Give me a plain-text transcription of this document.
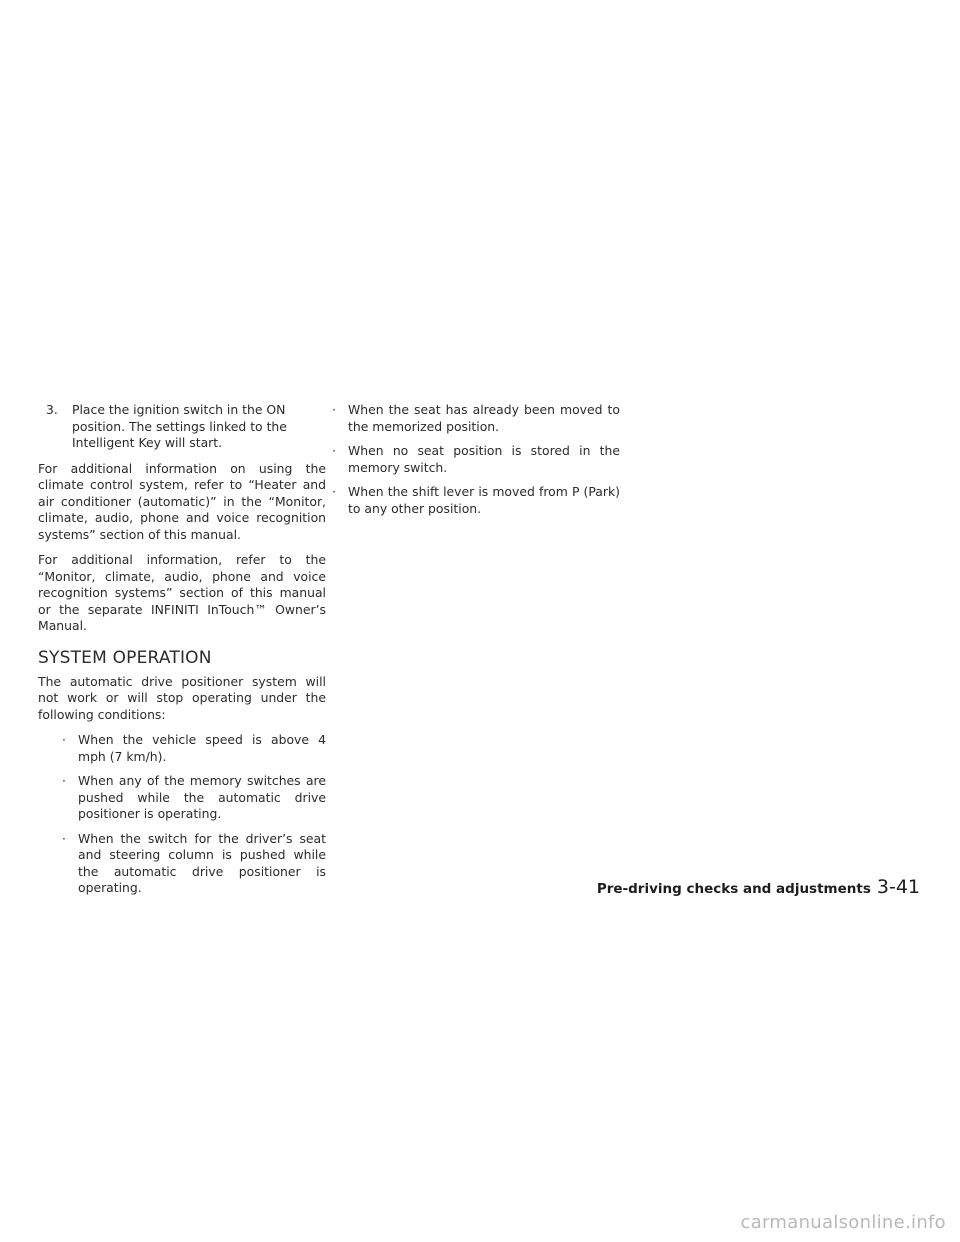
3. Place the ignition switch in the ON position. The settings linked to the Intelligent Key will start.

For additional information on using the climate control system, refer to “Heater and air conditioner (automatic)” in the “Monitor, climate, audio, phone and voice recognition systems” section of this manual.

For additional information, refer to the “Monitor, climate, audio, phone and voice recognition systems” section of this manual or the separate INFINITI InTouch™ Owner’s Manual.

SYSTEM OPERATION

The automatic drive positioner system will not work or will stop operating under the following conditions:

· When the vehicle speed is above 4 mph (7 km/h).
· When any of the memory switches are pushed while the automatic drive positioner is operating.
· When the switch for the driver’s seat and steering column is pushed while the automatic drive positioner is operating.
· When the seat has already been moved to the memorized position.
· When no seat position is stored in the memory switch.
· When the shift lever is moved from P (Park) to any other position.
Pre-driving checks and adjustments 3-41
carmanualsonline.info
